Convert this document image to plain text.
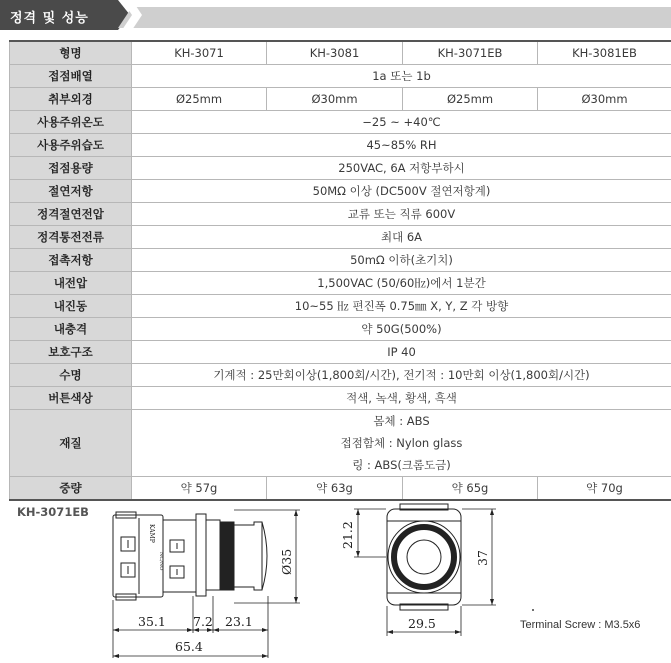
정격 및 성능
형명	KH-3071	KH-3081	KH-3071EB	KH-3081EB
접점배열	1a 또는 1b			
취부외경	Ø25mm	Ø30mm	Ø25mm	Ø30mm
사용주위온도	−25 ~ +40℃			
사용주위습도	45~85% RH			
접점용량	250VAC, 6A 저항부하시			
절연저항	50MΩ 이상 (DC500V 절연저항계)			
정격절연전압	교류 또는 직류 600V			
정격통전전류	최대 6A			
접촉저항	50mΩ 이하(초기치)			
내전압	1,500VAC (50/60㎐)에서 1분간			
내진동	10~55 ㎐ 편진폭 0.75㎜ X, Y, Z 각 방향			
내충격	약 50G(500%)			
보호구조	IP 40			
수명	기계적 : 25만회이상(1,800회/시간), 전기적 : 10만회 이상(1,800회/시간)			
버튼색상	적색, 녹색, 황색, 흑색			
재질	몸체 : ABS
접점함체 : Nylon glass
링 : ABS(크롬도금)			

중량	약 57g	약 63g	약 65g	약 70g
KH-3071EB
KAMP
NC/NO
35.1 7.2 23.1
65.4
Ø35
21.2
37
29.5	Terminal Screw : M3.5x6
